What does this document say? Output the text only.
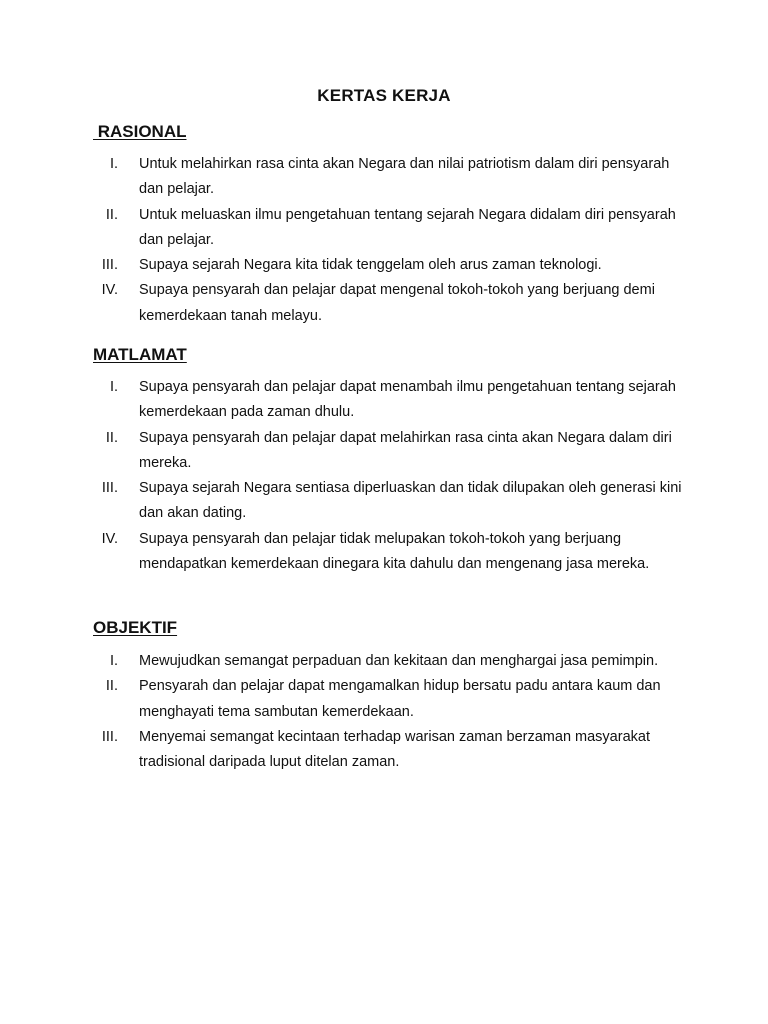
KERTAS KERJA
RASIONAL
I. Untuk melahirkan rasa cinta akan Negara dan nilai patriotism dalam diri pensyarah dan pelajar.
II. Untuk meluaskan ilmu pengetahuan tentang sejarah Negara didalam diri pensyarah dan pelajar.
III. Supaya sejarah Negara kita tidak tenggelam oleh arus zaman teknologi.
IV. Supaya pensyarah dan pelajar dapat mengenal tokoh-tokoh yang berjuang demi kemerdekaan tanah melayu.
MATLAMAT
I. Supaya pensyarah dan pelajar dapat menambah ilmu pengetahuan tentang sejarah kemerdekaan pada zaman dhulu.
II. Supaya pensyarah dan pelajar dapat melahirkan rasa cinta akan Negara dalam diri mereka.
III. Supaya sejarah Negara sentiasa diperluaskan dan tidak dilupakan oleh generasi kini dan akan dating.
IV. Supaya pensyarah dan pelajar tidak melupakan tokoh-tokoh yang berjuang mendapatkan kemerdekaan dinegara kita dahulu dan mengenang jasa mereka.
OBJEKTIF
I. Mewujudkan semangat perpaduan dan kekitaan dan menghargai jasa pemimpin.
II. Pensyarah dan pelajar dapat mengamalkan hidup bersatu padu antara kaum dan menghayati tema sambutan kemerdekaan.
III. Menyemai semangat kecintaan terhadap warisan zaman berzaman masyarakat tradisional daripada luput ditelan zaman.
